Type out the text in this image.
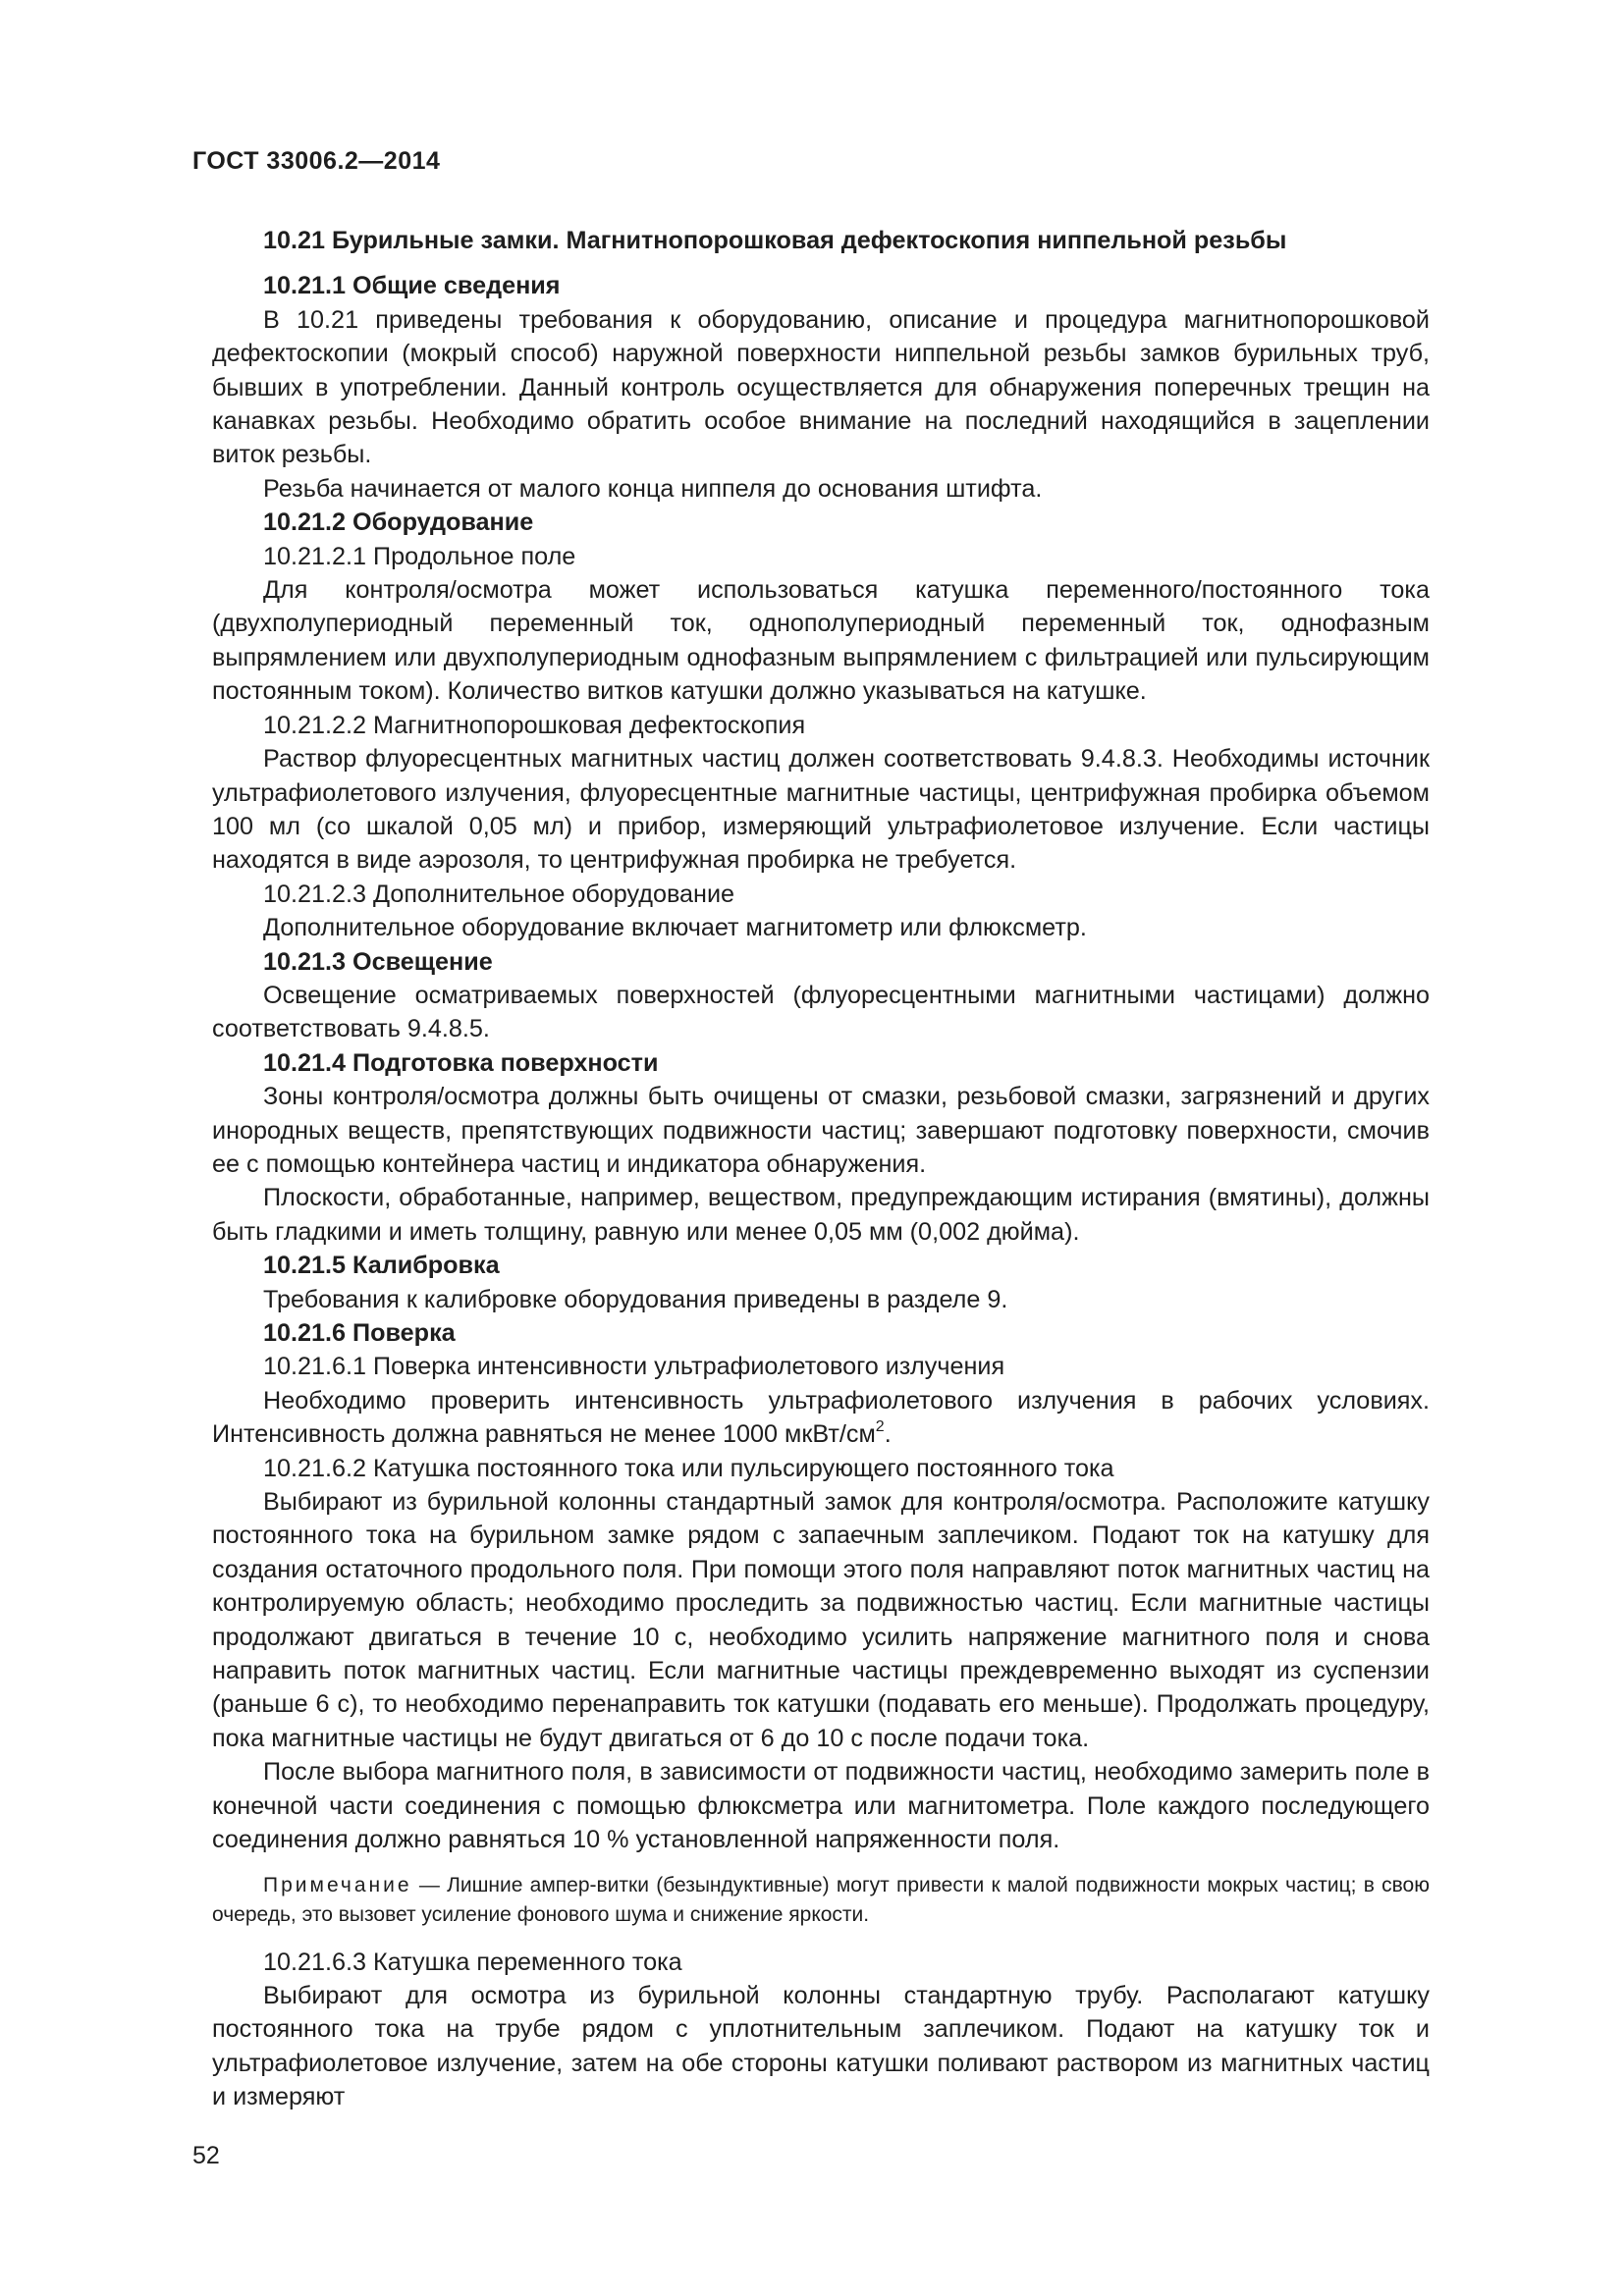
ГОСТ 33006.2—2014

10.21 Бурильные замки. Магнитнопорошковая дефектоскопия ниппельной резьбы

10.21.1 Общие сведения

В 10.21 приведены требования к оборудованию, описание и процедура магнитнопорошковой дефектоскопии (мокрый способ) наружной поверхности ниппельной резьбы замков бурильных труб, бывших в употреблении. Данный контроль осуществляется для обнаружения поперечных трещин на канавках резьбы. Необходимо обратить особое внимание на последний находящийся в зацеплении виток резьбы.

Резьба начинается от малого конца ниппеля до основания штифта.

10.21.2 Оборудование

10.21.2.1 Продольное поле

Для контроля/осмотра может использоваться катушка переменного/постоянного тока (двухполупериодный переменный ток, однополупериодный переменный ток, однофазным выпрямлением или двухполупериодным однофазным выпрямлением с фильтрацией или пульсирующим постоянным током). Количество витков катушки должно указываться на катушке.

10.21.2.2 Магнитнопорошковая дефектоскопия

Раствор флуоресцентных магнитных частиц должен соответствовать 9.4.8.3. Необходимы источник ультрафиолетового излучения, флуоресцентные магнитные частицы, центрифужная пробирка объемом 100 мл (со шкалой 0,05 мл) и прибор, измеряющий ультрафиолетовое излучение. Если частицы находятся в виде аэрозоля, то центрифужная пробирка не требуется.

10.21.2.3 Дополнительное оборудование

Дополнительное оборудование включает магнитометр или флюксметр.

10.21.3 Освещение

Освещение осматриваемых поверхностей (флуоресцентными магнитными частицами) должно соответствовать 9.4.8.5.

10.21.4 Подготовка поверхности

Зоны контроля/осмотра должны быть очищены от смазки, резьбовой смазки, загрязнений и других инородных веществ, препятствующих подвижности частиц; завершают подготовку поверхности, смочив ее с помощью контейнера частиц и индикатора обнаружения.

Плоскости, обработанные, например, веществом, предупреждающим истирания (вмятины), должны быть гладкими и иметь толщину, равную или менее 0,05 мм (0,002 дюйма).

10.21.5 Калибровка

Требования к калибровке оборудования приведены в разделе 9.

10.21.6 Поверка

10.21.6.1 Поверка интенсивности ультрафиолетового излучения

Необходимо проверить интенсивность ультрафиолетового излучения в рабочих условиях. Интенсивность должна равняться не менее 1000 мкВт/$см^2$.

10.21.6.2 Катушка постоянного тока или пульсирующего постоянного тока

Выбирают из бурильной колонны стандартный замок для контроля/осмотра. Расположите катушку постоянного тока на бурильном замке рядом с запаечным заплечиком. Подают ток на катушку для создания остаточного продольного поля. При помощи этого поля направляют поток магнитных частиц на контролируемую область; необходимо проследить за подвижностью частиц. Если магнитные частицы продолжают двигаться в течение 10 с, необходимо усилить напряжение магнитного поля и снова направить поток магнитных частиц. Если магнитные частицы преждевременно выходят из суспензии (раньше 6 с), то необходимо перенаправить ток катушки (подавать его меньше). Продолжать процедуру, пока магнитные частицы не будут двигаться от 6 до 10 с после подачи тока.

После выбора магнитного поля, в зависимости от подвижности частиц, необходимо замерить поле в конечной части соединения с помощью флюксметра или магнитометра. Поле каждого последующего соединения должно равняться 10 % установленной напряженности поля.

Примечание — Лишние ампер-витки (безындуктивные) могут привести к малой подвижности мокрых частиц; в свою очередь, это вызовет усиление фонового шума и снижение яркости.

10.21.6.3 Катушка переменного тока

Выбирают для осмотра из бурильной колонны стандартную трубу. Располагают катушку постоянного тока на трубе рядом с уплотнительным заплечиком. Подают на катушку ток и ультрафиолетовое излучение, затем на обе стороны катушки поливают раствором из магнитных частиц и измеряют

52
